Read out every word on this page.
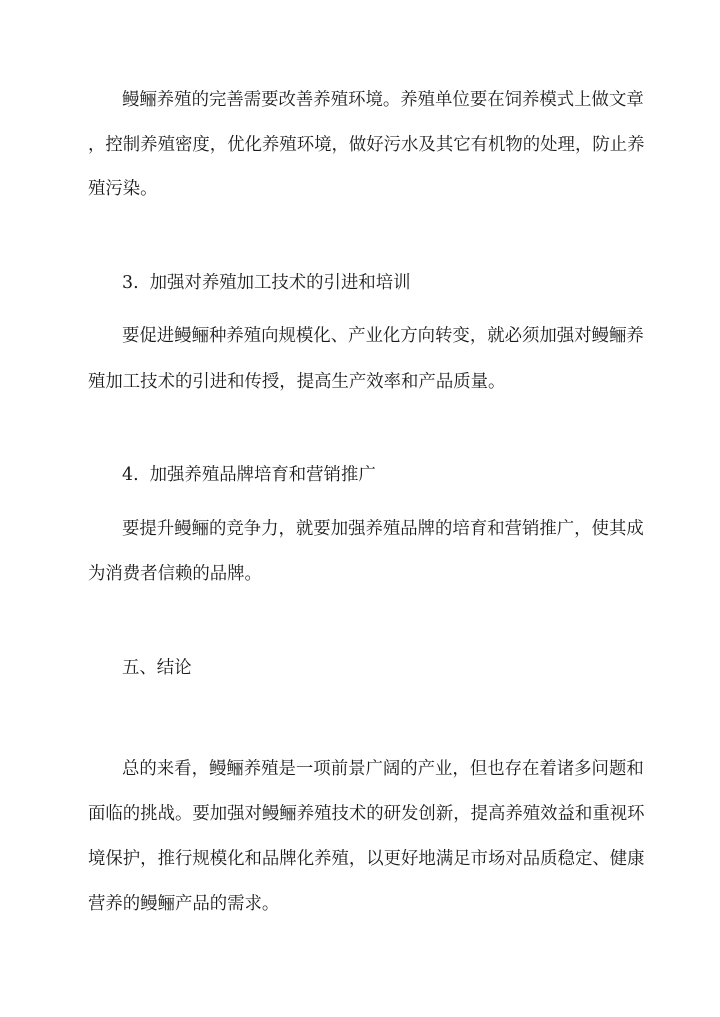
鳗鲡养殖的完善需要改善养殖环境。养殖单位要在饲养模式上做文章
，控制养殖密度，优化养殖环境，做好污水及其它有机物的处理，防止养
殖污染。
3.  加强对养殖加工技术的引进和培训
要促进鳗鲡种养殖向规模化、产业化方向转变，就必须加强对鳗鲡养
殖加工技术的引进和传授，提高生产效率和产品质量。
4.  加强养殖品牌培育和营销推广
要提升鳗鲡的竞争力，就要加强养殖品牌的培育和营销推广，使其成
为消费者信赖的品牌。
五、结论
总的来看，鳗鲡养殖是一项前景广阔的产业，但也存在着诸多问题和
面临的挑战。要加强对鳗鲡养殖技术的研发创新，提高养殖效益和重视环
境保护，推行规模化和品牌化养殖，以更好地满足市场对品质稳定、健康
营养的鳗鲡产品的需求。
